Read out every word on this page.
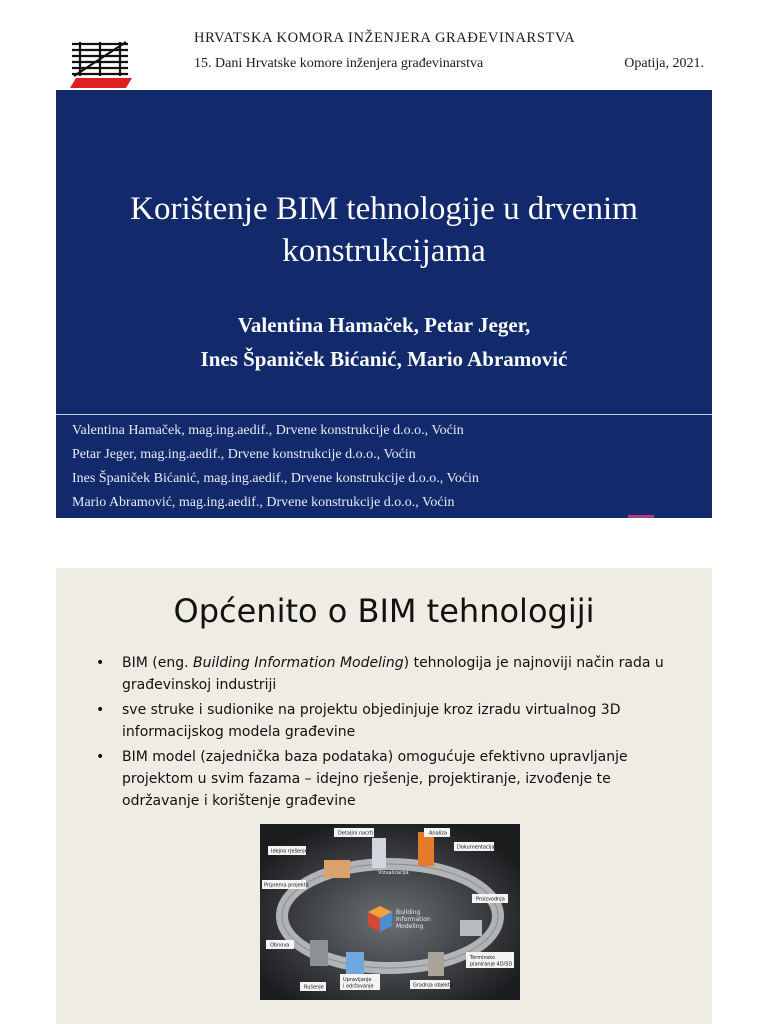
HRVATSKA KOMORA INŽENJERA GRAĐEVINARSTVA
15. Dani Hrvatske komore inženjera građevinarstva	Opatija, 2021.
Korištenje BIM tehnologije u drvenim
konstrukcijama
Valentina Hamaček, Petar Jeger,
Ines Španiček Bićanić, Mario Abramović
Valentina Hamaček, mag.ing.aedif., Drvene konstrukcije d.o.o., Voćin
Petar Jeger, mag.ing.aedif., Drvene konstrukcije d.o.o., Voćin
Ines Španiček Bićanić, mag.ing.aedif., Drvene konstrukcije d.o.o., Voćin
Mario Abramović, mag.ing.aedif., Drvene konstrukcije d.o.o., Voćin
Općenito o BIM tehnologiji
• BIM (eng. Building Information Modeling) tehnologija je najnoviji način rada u građevinskoj industriji
• sve struke i sudionike na projektu objedinjuje kroz izradu virtualnog 3D informacijskog modela građevine
• BIM model (zajednička baza podataka) omogućuje efektivno upravljanje projektom u svim fazama – idejno rješenje, projektiranje, izvođenje te održavanje i korištenje građevine
Building
Information
Modeling
Detaljni nacrti	Analiza
Dokumentacija
Idejno rješenje
Vizualizacija
Priprema projekta
Proizvodnja
Obnova
Terminsko
planiranje 4D/5D
Rušenje
Upravljanje
i održavanje	Gradnja objekta
